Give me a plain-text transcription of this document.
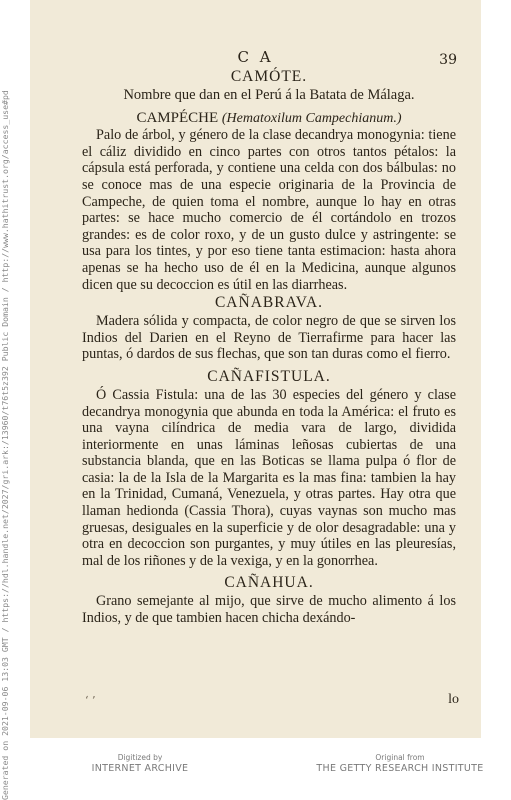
Generated on 2021-09-06 13:03 GMT / https://hdl.handle.net/2027/gri.ark:/13960/t76t5z392 Public Domain / http://www.hathitrust.org/access_use#pd
C A	39

CAMÓTE.

Nombre que dan en el Perú á la Batata de Málaga.

CAMPÉCHE (Hematoxilum Campechianum.)

Palo de árbol, y género de la clase decandrya monogynia: tiene el cáliz dividido en cinco partes con otros tantos pétalos: la cápsula está perforada, y contiene una celda con dos bálbulas: no se conoce mas de una especie originaria de la Provincia de Campeche, de quien toma el nombre, aunque lo hay en otras partes: se hace mucho comercio de él cortándolo en trozos grandes: es de color roxo, y de un gusto dulce y astringente: se usa para los tintes, y por eso tiene tanta estimacion: hasta ahora apenas se ha hecho uso de él en la Medicina, aunque algunos dicen que su decoccion es útil en las diarrheas.

CAÑABRAVA.

Madera sólida y compacta, de color negro de que se sirven los Indios del Darien en el Reyno de Tierrafirme para hacer las puntas, ó dardos de sus flechas, que son tan duras como el fierro.

CAÑAFISTULA.

Ó Cassia Fistula: una de las 30 especies del género y clase decandrya monogynia que abunda en toda la América: el fruto es una vayna cilíndrica de media vara de largo, dividida interiormente en unas láminas leñosas cubiertas de una substancia blanda, que en las Boticas se llama pulpa ó flor de casia: la de la Isla de la Margarita es la mas fina: tambien la hay en la Trinidad, Cumaná, Venezuela, y otras partes. Hay otra que llaman hedionda (Cassia Thora), cuyas vaynas son mucho mas gruesas, desiguales en la superficie y de olor desagradable: una y otra en decoccion son purgantes, y muy útiles en las pleuresías, mal de los riñones y de la vexiga, y en la gonorrhea.

CAÑAHUA.

Grano semejante al mijo, que sirve de mucho alimento á los Indios, y de que tambien hacen chicha dexándo-

‘ ’	lo
Digitized by
INTERNET ARCHIVE
Original from
THE GETTY RESEARCH INSTITUTE
